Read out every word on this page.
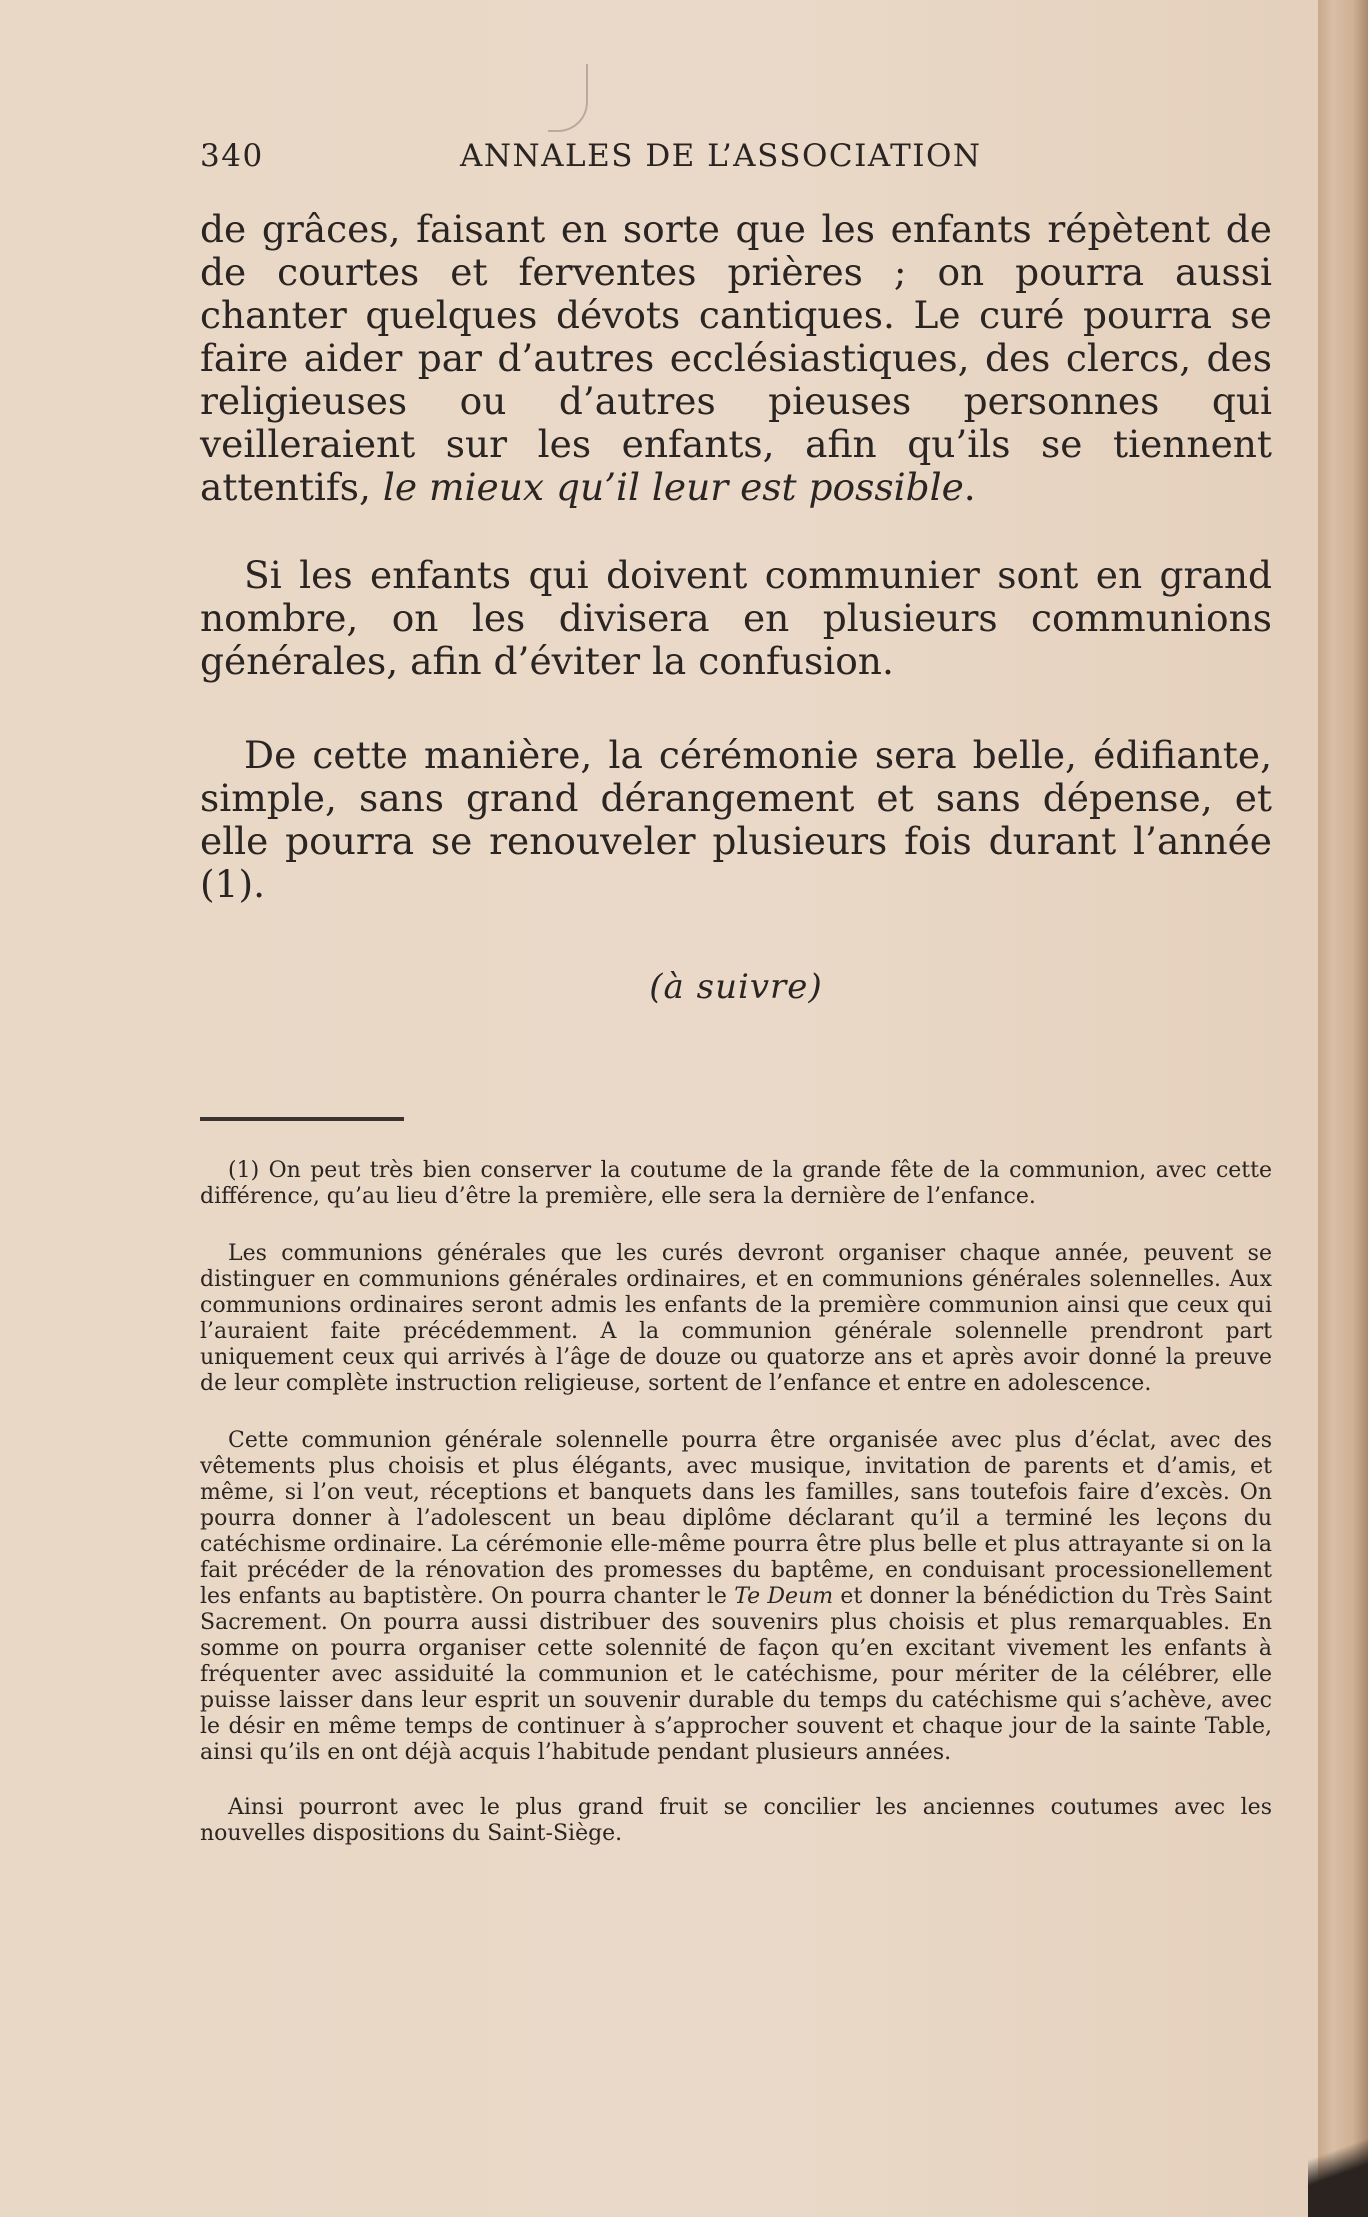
340	ANNALES DE L’ASSOCIATION

de grâces, faisant en sorte que les enfants répètent de de courtes et ferventes prières ; on pourra aussi chanter quelques dévots cantiques. Le curé pourra se faire aider par d’autres ecclésiastiques, des clercs, des religieuses ou d’autres pieuses personnes qui veilleraient sur les enfants, afin qu’ils se tiennent attentifs, le mieux qu’il leur est possible.

Si les enfants qui doivent communier sont en grand nombre, on les divisera en plusieurs communions générales, afin d’éviter la confusion.

De cette manière, la cérémonie sera belle, édifiante, simple, sans grand dérangement et sans dépense, et elle pourra se renouveler plusieurs fois durant l’année (1).

(à suivre)

(1) On peut très bien conserver la coutume de la grande fête de la communion, avec cette différence, qu’au lieu d’être la première, elle sera la dernière de l’enfance.

Les communions générales que les curés devront organiser chaque année, peuvent se distinguer en communions générales ordinaires, et en communions générales solennelles. Aux communions ordinaires seront admis les enfants de la première communion ainsi que ceux qui l’auraient faite précédemment. A la communion générale solennelle prendront part uniquement ceux qui arrivés à l’âge de douze ou quatorze ans et après avoir donné la preuve de leur complète instruction religieuse, sortent de l’enfance et entre en adolescence.

Cette communion générale solennelle pourra être organisée avec plus d’éclat, avec des vêtements plus choisis et plus élégants, avec musique, invitation de parents et d’amis, et même, si l’on veut, réceptions et banquets dans les familles, sans toutefois faire d’excès. On pourra donner à l’adolescent un beau diplôme déclarant qu’il a terminé les leçons du catéchisme ordinaire. La cérémonie elle-même pourra être plus belle et plus attrayante si on la fait précéder de la rénovation des promesses du baptême, en conduisant processionellement les enfants au baptistère. On pourra chanter le Te Deum et donner la bénédiction du Très Saint Sacrement. On pourra aussi distribuer des souvenirs plus choisis et plus remarquables. En somme on pourra organiser cette solennité de façon qu’en excitant vivement les enfants à fréquenter avec assiduité la communion et le catéchisme, pour mériter de la célébrer, elle puisse laisser dans leur esprit un souvenir durable du temps du catéchisme qui s’achève, avec le désir en même temps de continuer à s’approcher souvent et chaque jour de la sainte Table, ainsi qu’ils en ont déjà acquis l’habitude pendant plusieurs années.

Ainsi pourront avec le plus grand fruit se concilier les anciennes coutumes avec les nouvelles dispositions du Saint-Siège.
